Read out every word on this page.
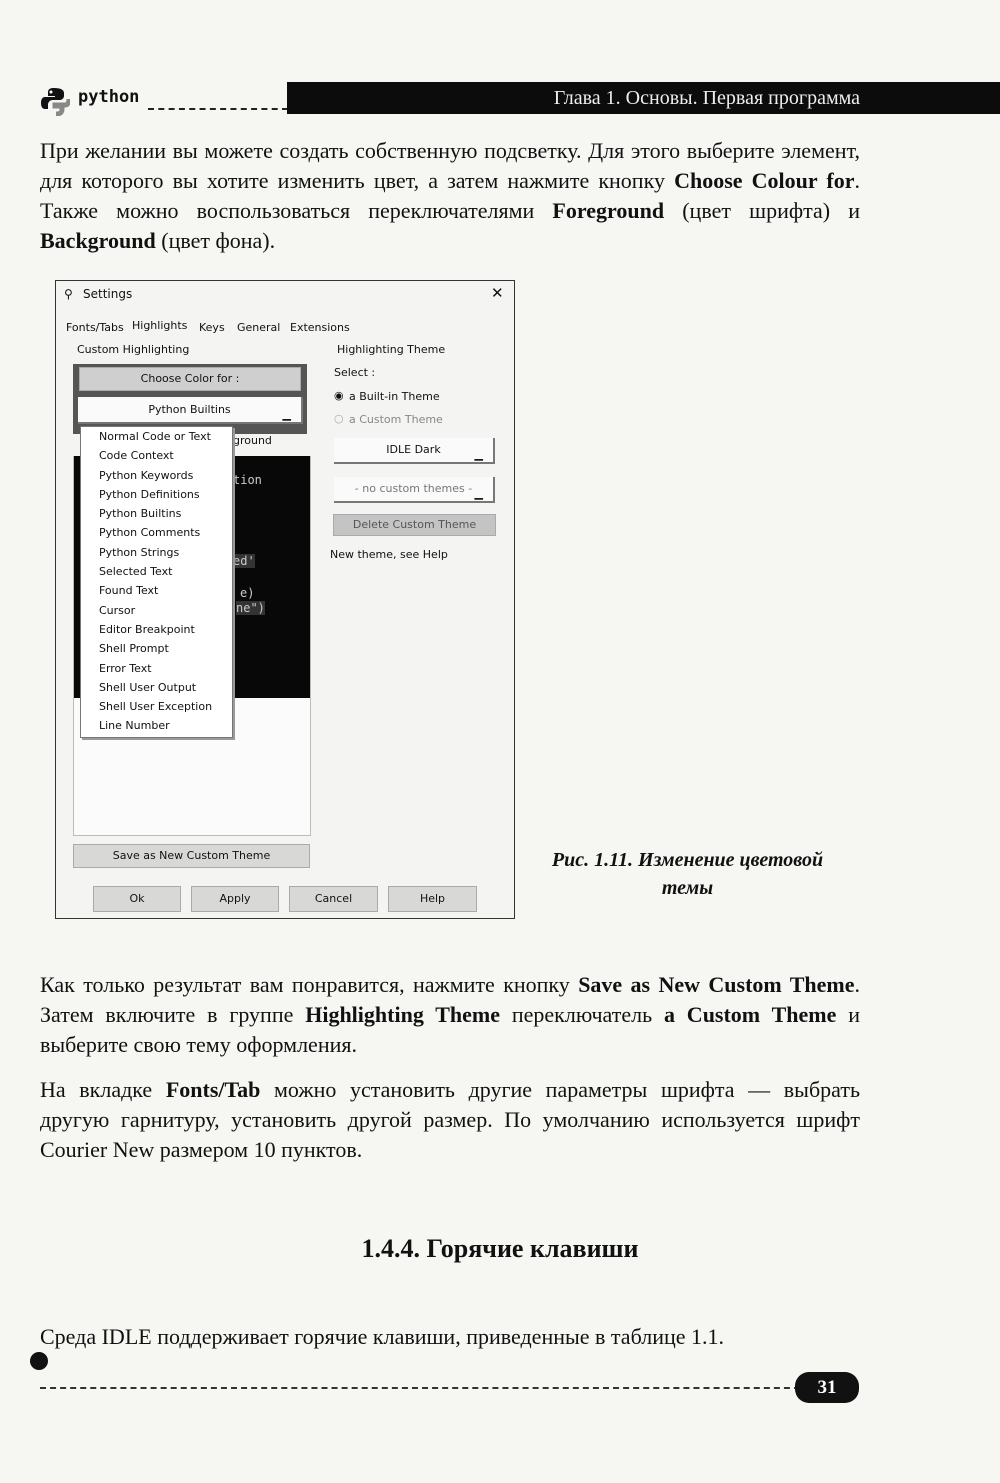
python	Глава 1. Основы. Первая программа

При желании вы можете создать собственную подсветку. Для этого выберите элемент, для которого вы хотите изменить цвет, а затем нажмите кнопку Choose Colour for. Также можно воспользоваться переключателями Foreground (цвет шрифта) и Background (цвет фона).

⚲ Settings	✕
Fonts/Tabs Highlights Keys General Extensions
Custom Highlighting
Choose Color for :
Python Builtins	▁
ground
tion
ed'
e)
ne")
Normal Code or Text
Code Context
Python Keywords
Python Definitions
Python Builtins
Python Comments
Python Strings
Selected Text
Found Text
Cursor
Editor Breakpoint
Shell Prompt
Error Text
Shell User Output
Shell User Exception
Line Number
Highlighting Theme
Select :
◉ a Built-in Theme
○ a Custom Theme
IDLE Dark	▁
- no custom themes - ▁
Delete Custom Theme
New theme, see Help
Save as New Custom Theme
Ok	Apply	Cancel	Help
Рис. 1.11. Изменение цветовой темы

Как только результат вам понравится, нажмите кнопку Save as New Custom Theme. Затем включите в группе Highlighting Theme переключатель a Custom Theme и выберите свою тему оформления.

На вкладке Fonts/Tab можно установить другие параметры шрифта — выбрать другую гарнитуру, установить другой размер. По умолчанию используется шрифт Courier New размером 10 пунктов.

1.4.4. Горячие клавиши

Среда IDLE поддерживает горячие клавиши, приведенные в таблице 1.1.

31
